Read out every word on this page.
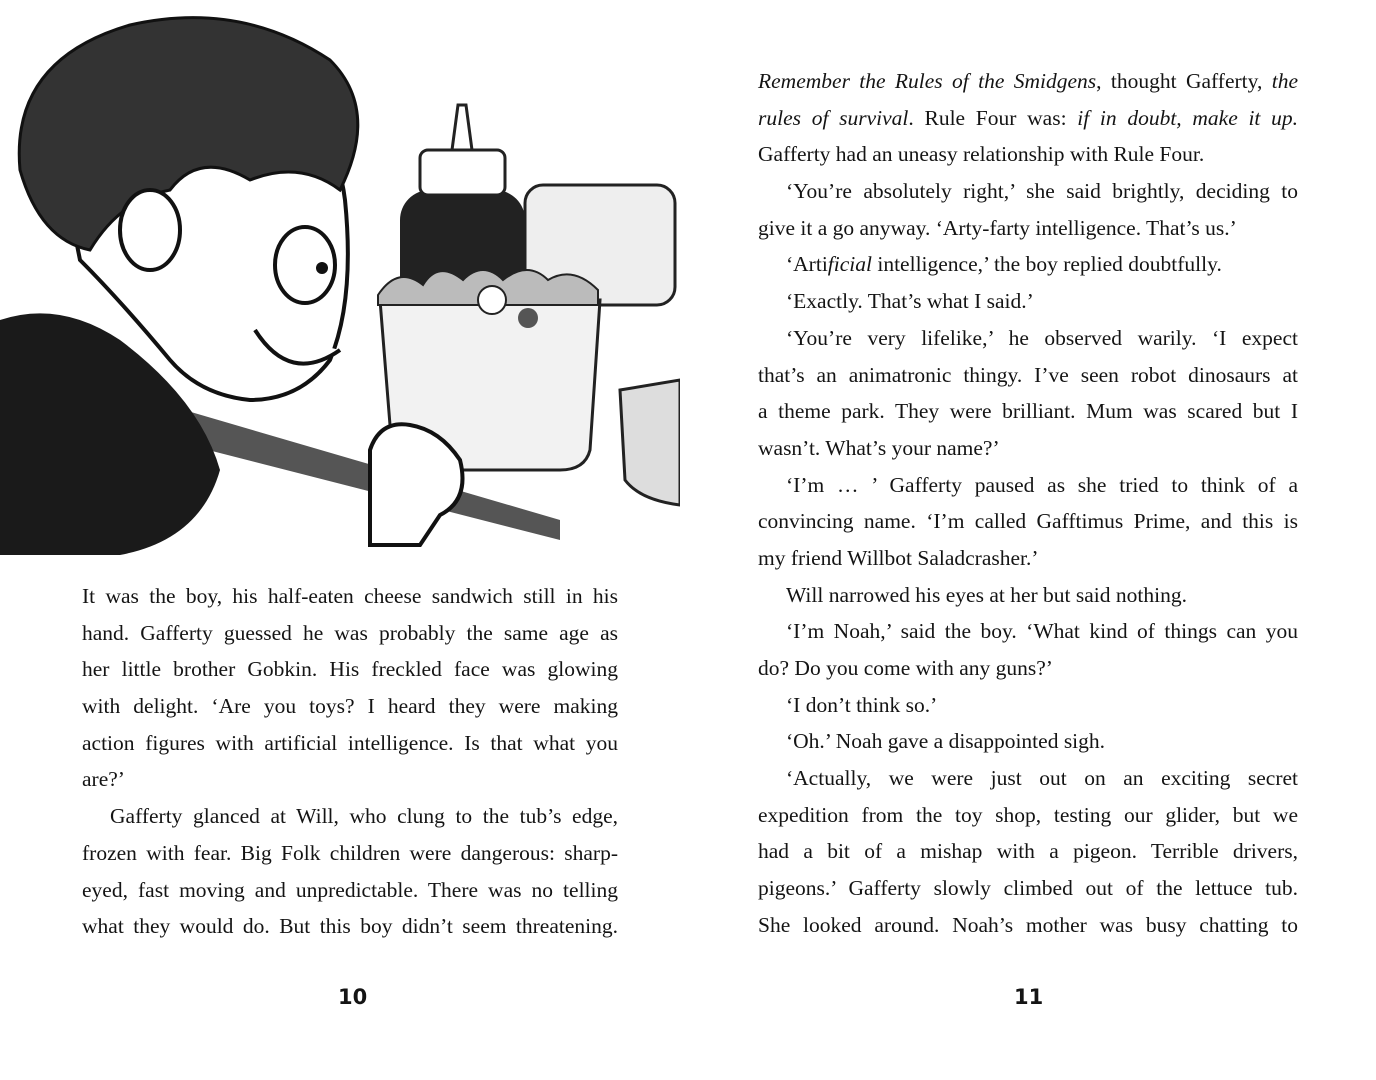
It was the boy, his half-eaten cheese sandwich still in his
hand. Gafferty guessed he was probably the same age as
her little brother Gobkin. His freckled face was glowing
with delight. ‘Are you toys? I heard they were making
action figures with artificial intelligence. Is that what you
are?’
Gafferty glanced at Will, who clung to the tub’s edge,
frozen with fear. Big Folk children were dangerous: sharp-
eyed, fast moving and unpredictable. There was no telling
what they would do. But this boy didn’t seem threatening.
10
Remember the Rules of the Smidgens, thought Gafferty, the
rules of survival. Rule Four was: if in doubt, make it up.
Gafferty had an uneasy relationship with Rule Four.
‘You’re absolutely right,’ she said brightly, deciding to
give it a go anyway. ‘Arty-farty intelligence. That’s us.’
‘Artificial intelligence,’ the boy replied doubtfully.
‘Exactly. That’s what I said.’
‘You’re very lifelike,’ he observed warily. ‘I expect
that’s an animatronic thingy. I’ve seen robot dinosaurs at
a theme park. They were brilliant. Mum was scared but I
wasn’t. What’s your name?’
‘I’m … ’ Gafferty paused as she tried to think of a
convincing name. ‘I’m called Gafftimus Prime, and this is
my friend Willbot Saladcrasher.’
Will narrowed his eyes at her but said nothing.
‘I’m Noah,’ said the boy. ‘What kind of things can you
do? Do you come with any guns?’
‘I don’t think so.’
‘Oh.’ Noah gave a disappointed sigh.
‘Actually, we were just out on an exciting secret
expedition from the toy shop, testing our glider, but we
had a bit of a mishap with a pigeon. Terrible drivers,
pigeons.’ Gafferty slowly climbed out of the lettuce tub.
She looked around. Noah’s mother was busy chatting to
11
